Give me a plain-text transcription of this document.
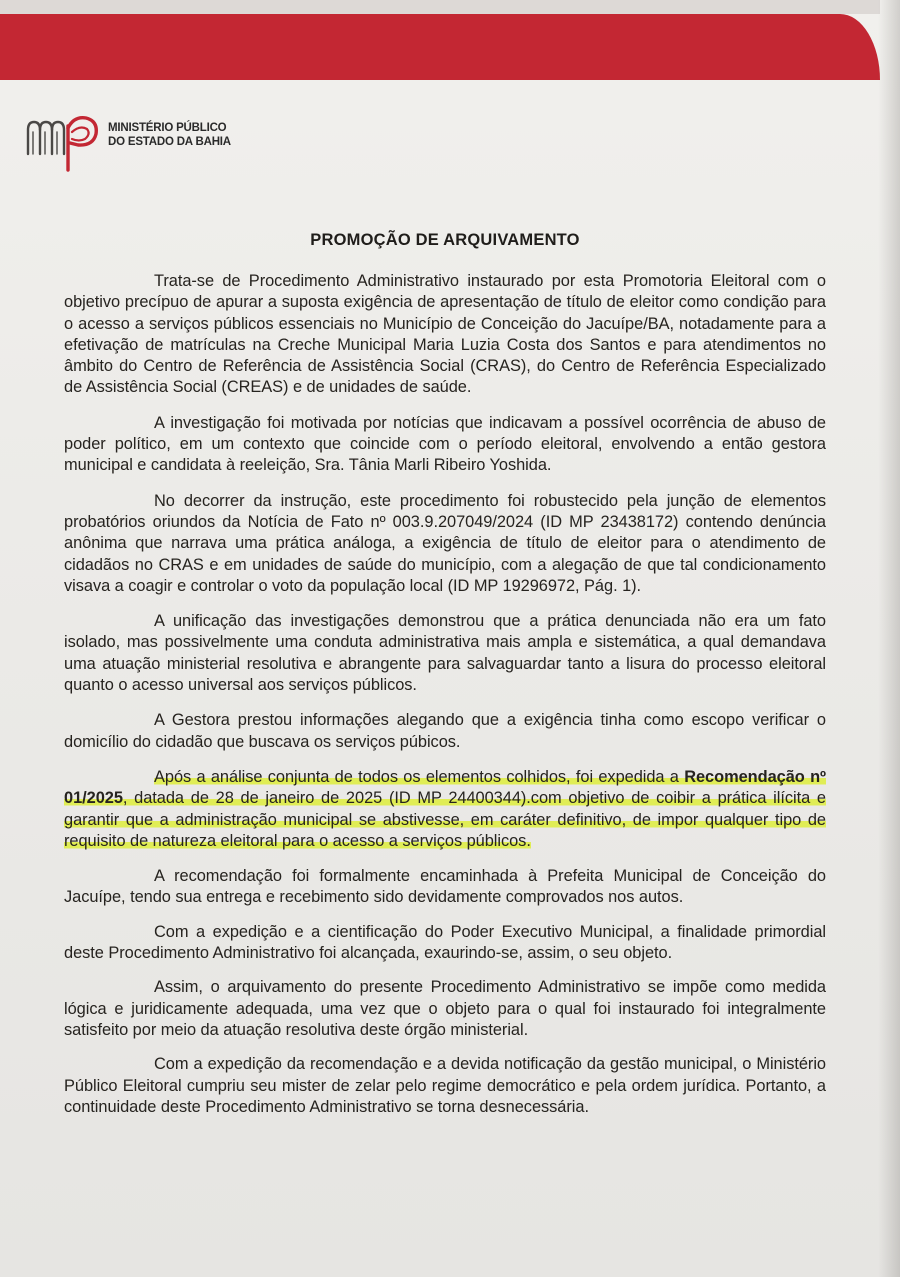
MINISTÉRIO PÚBLICO
DO ESTADO DA BAHIA
PROMOÇÃO DE ARQUIVAMENTO

Trata-se de Procedimento Administrativo instaurado por esta Promotoria Eleitoral com o objetivo precípuo de apurar a suposta exigência de apresentação de título de eleitor como condição para o acesso a serviços públicos essenciais no Município de Conceição do Jacuípe/BA, notadamente para a efetivação de matrículas na Creche Municipal Maria Luzia Costa dos Santos e para atendimentos no âmbito do Centro de Referência de Assistência Social (CRAS), do Centro de Referência Especializado de Assistência Social (CREAS) e de unidades de saúde.

A investigação foi motivada por notícias que indicavam a possível ocorrência de abuso de poder político, em um contexto que coincide com o período eleitoral, envolvendo a então gestora municipal e candidata à reeleição, Sra. Tânia Marli Ribeiro Yoshida.

No decorrer da instrução, este procedimento foi robustecido pela junção de elementos probatórios oriundos da Notícia de Fato nº 003.9.207049/2024 (ID MP 23438172) contendo denúncia anônima que narrava uma prática análoga, a exigência de título de eleitor para o atendimento de cidadãos no CRAS e em unidades de saúde do município, com a alegação de que tal condicionamento visava a coagir e controlar o voto da população local (ID MP 19296972, Pág. 1).

A unificação das investigações demonstrou que a prática denunciada não era um fato isolado, mas possivelmente uma conduta administrativa mais ampla e sistemática, a qual demandava uma atuação ministerial resolutiva e abrangente para salvaguardar tanto a lisura do processo eleitoral quanto o acesso universal aos serviços públicos.

A Gestora prestou informações alegando que a exigência tinha como escopo verificar o domicílio do cidadão que buscava os serviços púbicos.

Após a análise conjunta de todos os elementos colhidos, foi expedida a Recomendação nº 01/2025, datada de 28 de janeiro de 2025 (ID MP 24400344).com objetivo de coibir a prática ilícita e garantir que a administração municipal se abstivesse, em caráter definitivo, de impor qualquer tipo de requisito de natureza eleitoral para o acesso a serviços públicos.

A recomendação foi formalmente encaminhada à Prefeita Municipal de Conceição do Jacuípe, tendo sua entrega e recebimento sido devidamente comprovados nos autos.

Com a expedição e a cientificação do Poder Executivo Municipal, a finalidade primordial deste Procedimento Administrativo foi alcançada, exaurindo-se, assim, o seu objeto.

Assim, o arquivamento do presente Procedimento Administrativo se impõe como medida lógica e juridicamente adequada, uma vez que o objeto para o qual foi instaurado foi integralmente satisfeito por meio da atuação resolutiva deste órgão ministerial.

Com a expedição da recomendação e a devida notificação da gestão municipal, o Ministério Público Eleitoral cumpriu seu mister de zelar pelo regime democrático e pela ordem jurídica. Portanto, a continuidade deste Procedimento Administrativo se torna desnecessária.
